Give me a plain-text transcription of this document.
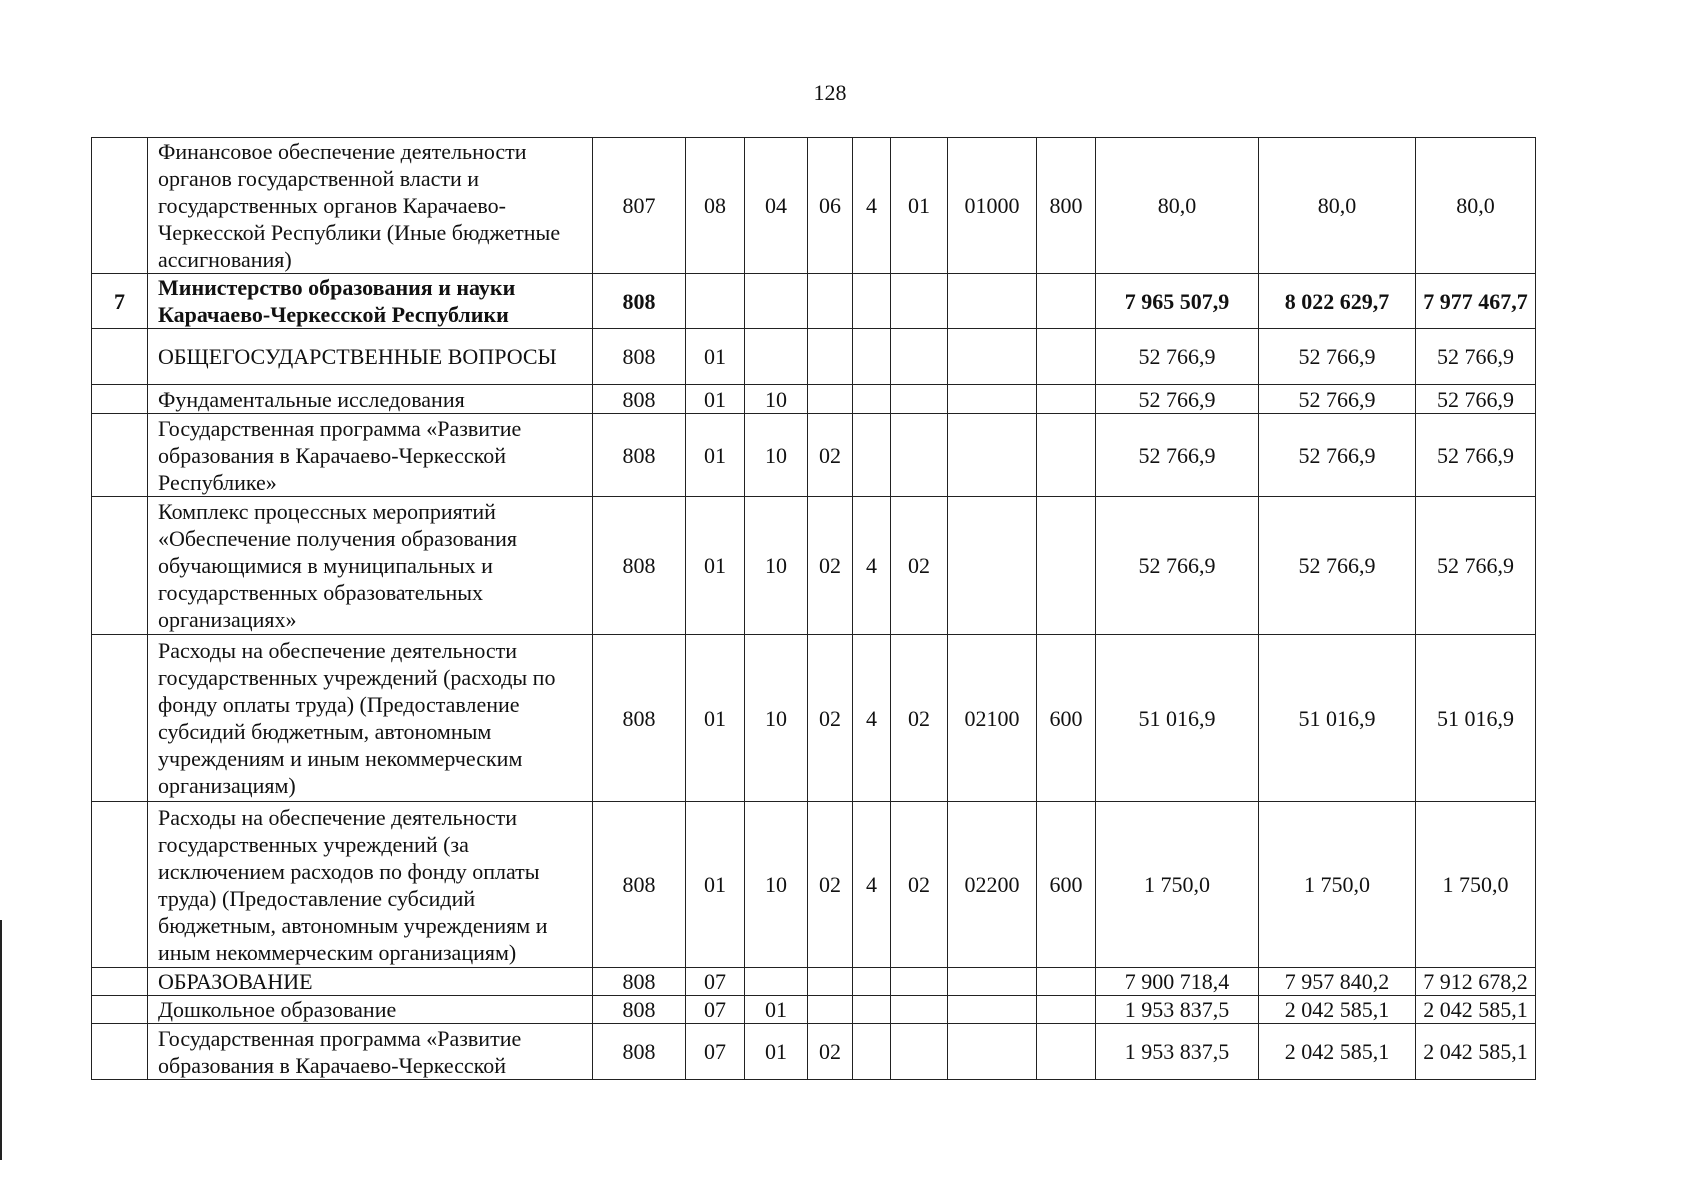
128
	Финансовое обеспечение деятельности органов государственной власти и государственных органов Карачаево-Черкесской Республики (Иные бюджетные ассигнования)	807	08	04	06	4	01	01000	800	80,0	80,0	80,0
7	Министерство образования и науки Карачаево-Черкесской Республики	808								7 965 507,9	8 022 629,7	7 977 467,7
	ОБЩЕГОСУДАРСТВЕННЫЕ ВОПРОСЫ	808	01							52 766,9	52 766,9	52 766,9
	Фундаментальные исследования	808	01	10						52 766,9	52 766,9	52 766,9
	Государственная программа «Развитие образования в Карачаево-Черкесской Республике»	808	01	10	02					52 766,9	52 766,9	52 766,9
	Комплекс процессных мероприятий «Обеспечение получения образования обучающимися в муниципальных и государственных образовательных организациях»	808	01	10	02	4	02			52 766,9	52 766,9	52 766,9
	Расходы на обеспечение деятельности государственных учреждений (расходы по фонду оплаты труда) (Предоставление субсидий бюджетным, автономным учреждениям и иным некоммерческим организациям)	808	01	10	02	4	02	02100	600	51 016,9	51 016,9	51 016,9
	Расходы на обеспечение деятельности государственных учреждений (за исключением расходов по фонду оплаты труда) (Предоставление субсидий бюджетным, автономным учреждениям и иным некоммерческим организациям)	808	01	10	02	4	02	02200	600	1 750,0	1 750,0	1 750,0
	ОБРАЗОВАНИЕ	808	07							7 900 718,4	7 957 840,2	7 912 678,2
	Дошкольное образование	808	07	01						1 953 837,5	2 042 585,1	2 042 585,1
	Государственная программа «Развитие образования в Карачаево-Черкесской	808	07	01	02					1 953 837,5	2 042 585,1	2 042 585,1
